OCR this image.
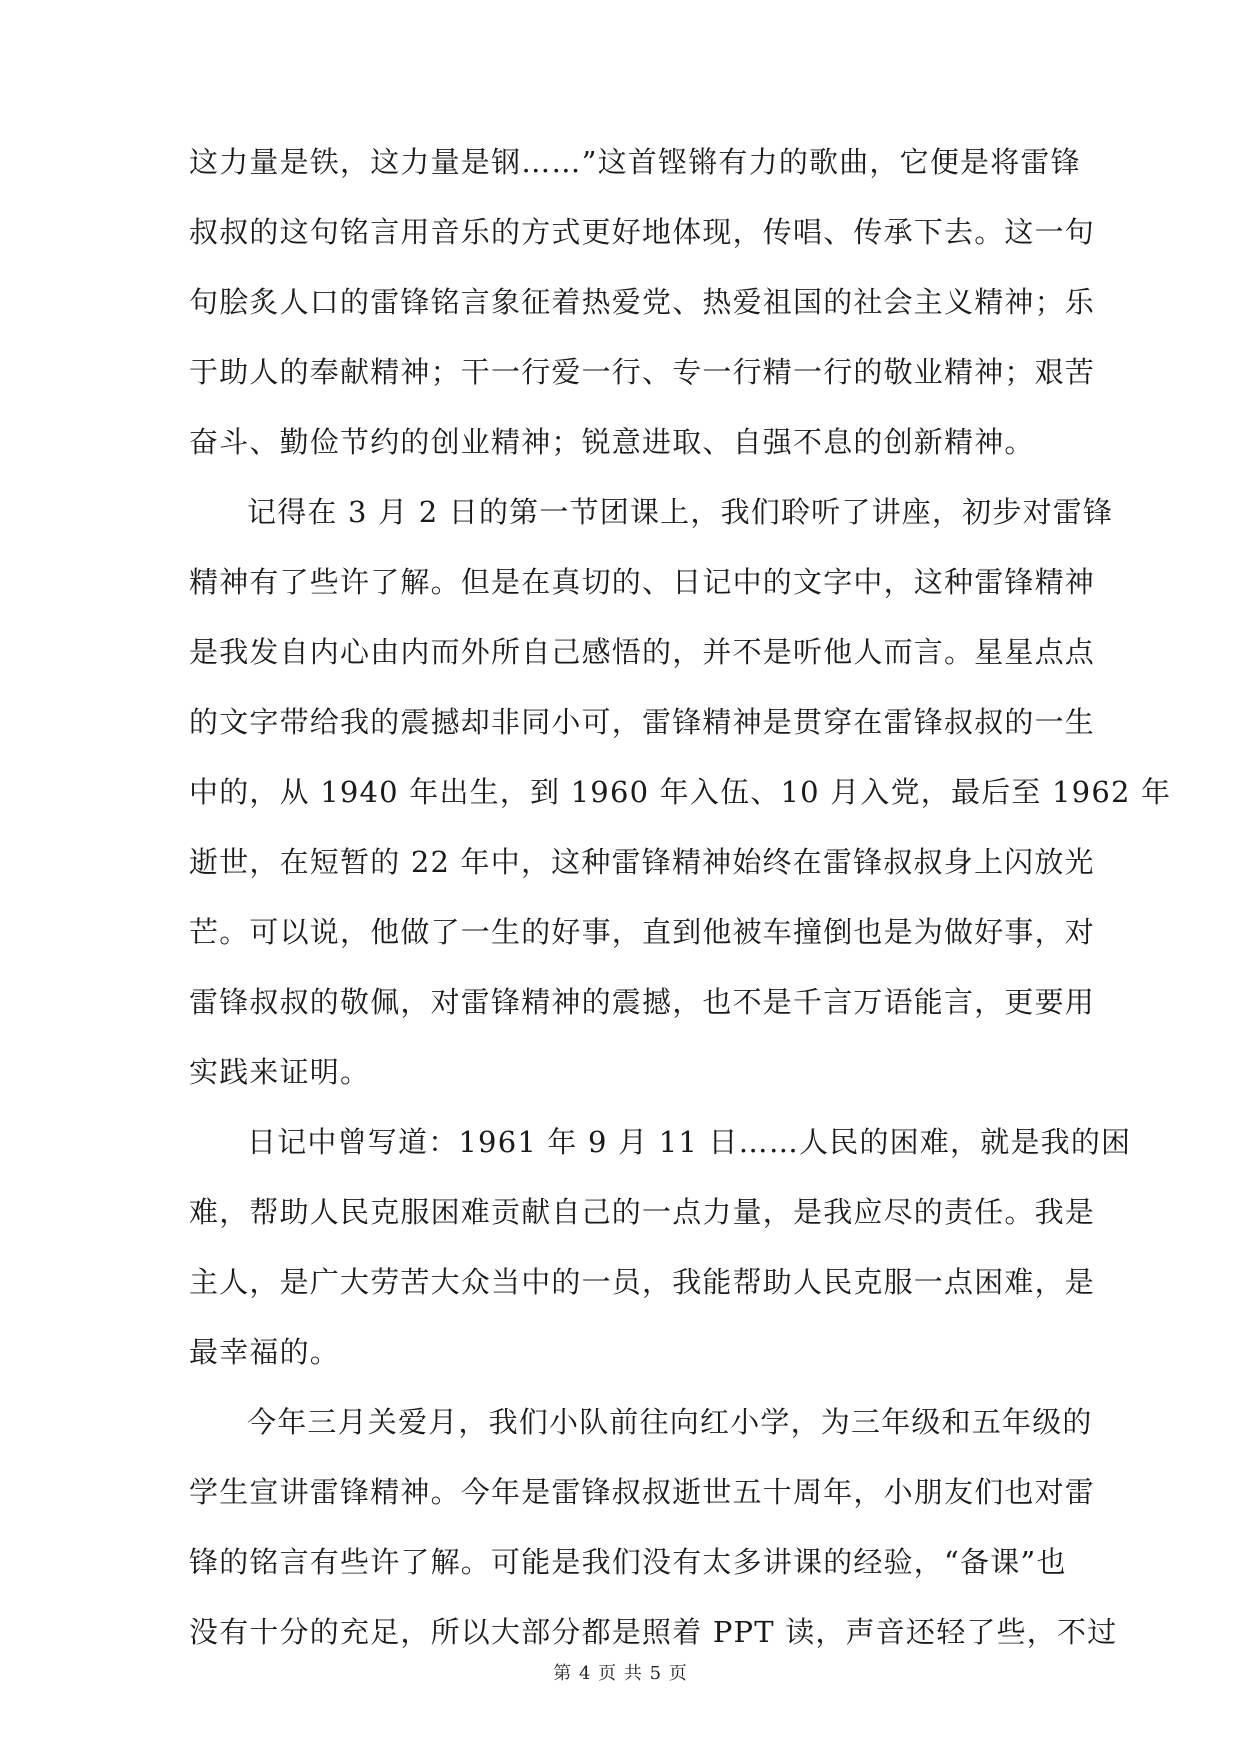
这力量是铁，这力量是钢……”这首铿锵有力的歌曲，它便是将雷锋
叔叔的这句铭言用音乐的方式更好地体现，传唱、传承下去。这一句
句脍炙人口的雷锋铭言象征着热爱党、热爱祖国的社会主义精神；乐
于助人的奉献精神；干一行爱一行、专一行精一行的敬业精神；艰苦
奋斗、勤俭节约的创业精神；锐意进取、自强不息的创新精神。
记得在 3 月 2 日的第一节团课上，我们聆听了讲座，初步对雷锋
精神有了些许了解。但是在真切的、日记中的文字中，这种雷锋精神
是我发自内心由内而外所自己感悟的，并不是听他人而言。星星点点
的文字带给我的震撼却非同小可，雷锋精神是贯穿在雷锋叔叔的一生
中的，从 1940 年出生，到 1960 年入伍、10 月入党，最后至 1962 年
逝世，在短暂的 22 年中，这种雷锋精神始终在雷锋叔叔身上闪放光
芒。可以说，他做了一生的好事，直到他被车撞倒也是为做好事，对
雷锋叔叔的敬佩，对雷锋精神的震撼，也不是千言万语能言，更要用
实践来证明。
日记中曾写道：1961 年 9 月 11 日……人民的困难，就是我的困
难，帮助人民克服困难贡献自己的一点力量，是我应尽的责任。我是
主人，是广大劳苦大众当中的一员，我能帮助人民克服一点困难，是
最幸福的。
今年三月关爱月，我们小队前往向红小学，为三年级和五年级的
学生宣讲雷锋精神。今年是雷锋叔叔逝世五十周年，小朋友们也对雷
锋的铭言有些许了解。可能是我们没有太多讲课的经验，“备课”也
没有十分的充足，所以大部分都是照着 PPT 读，声音还轻了些，不过
第 4 页 共 5 页
